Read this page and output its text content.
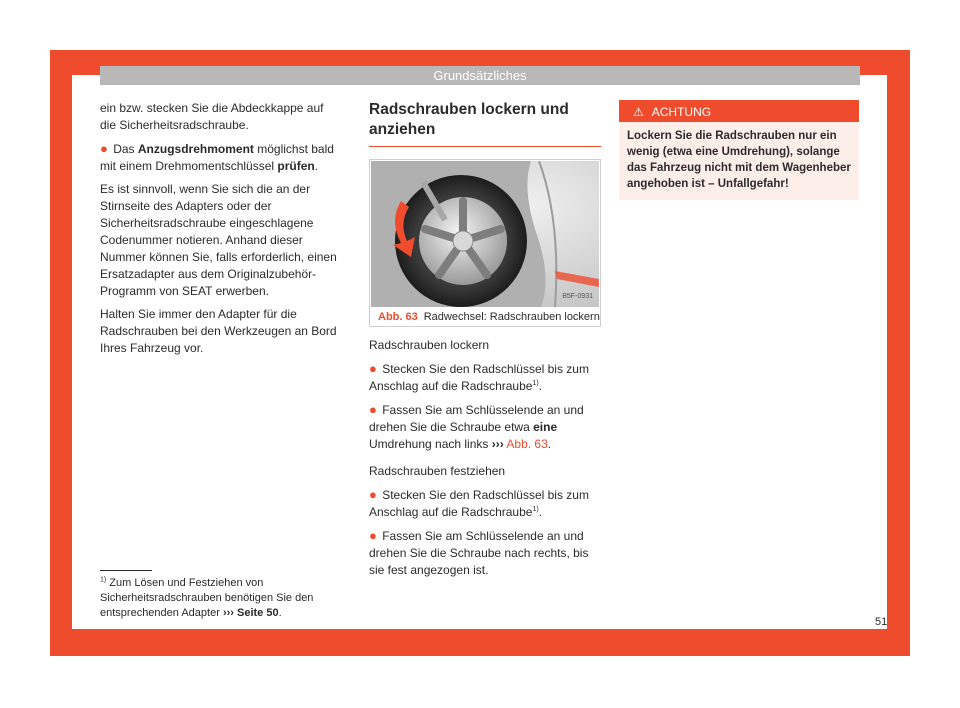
Grundsätzliches

ein bzw. stecken Sie die Abdeckkappe auf die Sicherheitsradschraube.

● Das Anzugsdrehmoment möglichst bald mit einem Drehmomentschlüssel prüfen.

Es ist sinnvoll, wenn Sie sich die an der Stirnseite des Adapters oder der Sicherheitsradschraube eingeschlagene Codenummer notieren. Anhand dieser Nummer können Sie, falls erforderlich, einen Ersatzadapter aus dem Originalzubehör-Programm von SEAT erwerben.

Halten Sie immer den Adapter für die Radschrauben bei den Werkzeugen an Bord Ihres Fahrzeug vor.

Radschrauben lockern und anziehen
B5F-0931
Abb. 63 Radwechsel: Radschrauben lockern
Radschrauben lockern

● Stecken Sie den Radschlüssel bis zum Anschlag auf die Radschraube$^{1)}$.

● Fassen Sie am Schlüsselende an und drehen Sie die Schraube etwa eine Umdrehung nach links ››› Abb. 63.

Radschrauben festziehen

● Stecken Sie den Radschlüssel bis zum Anschlag auf die Radschraube$^{1)}$.

● Fassen Sie am Schlüsselende an und drehen Sie die Schraube nach rechts, bis sie fest angezogen ist.

⚠ ACHTUNG
Lockern Sie die Radschrauben nur ein wenig (etwa eine Umdrehung), solange das Fahrzeug nicht mit dem Wagenheber angehoben ist – Unfallgefahr!
$^{1)}$ Zum Lösen und Festziehen von Sicherheitsradschrauben benötigen Sie den entsprechenden Adapter ››› Seite 50.
51
